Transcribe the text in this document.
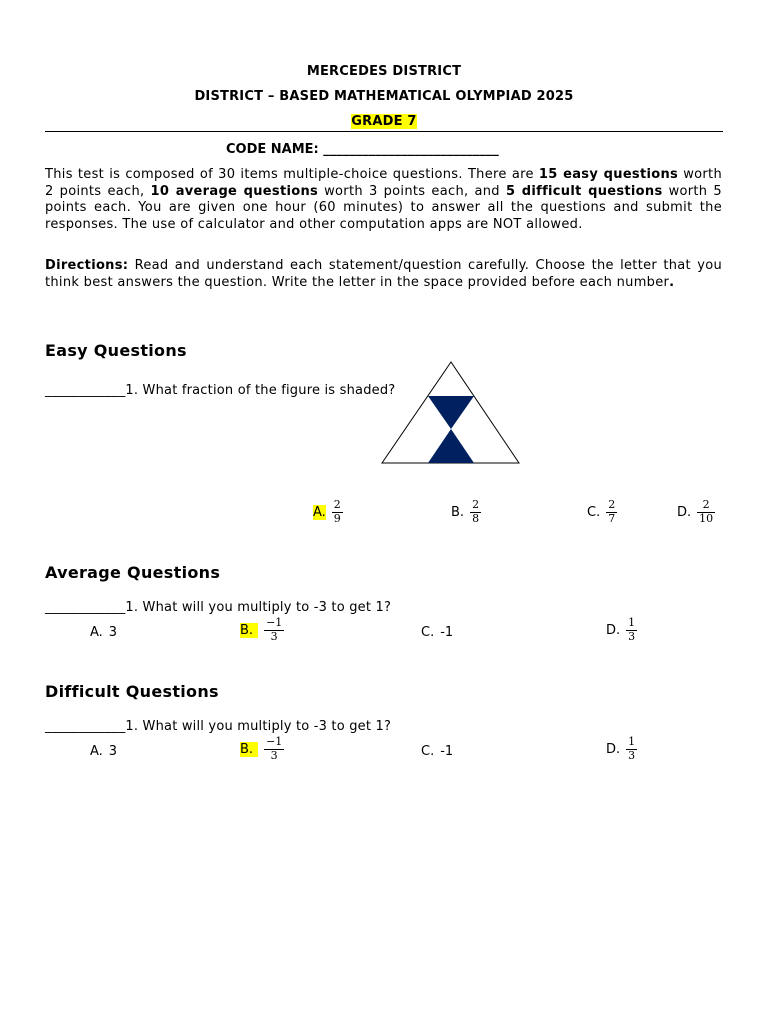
MERCEDES DISTRICT
DISTRICT – BASED MATHEMATICAL OLYMPIAD 2025
GRADE 7
CODE NAME: ___________________________
This test is composed of 30 items multiple-choice questions. There are 15 easy questions worth 2 points each, 10 average questions worth 3 points each, and 5 difficult questions worth 5 points each. You are given one hour (60 minutes) to answer all the questions and submit the responses. The use of calculator and other computation apps are NOT allowed.
Directions: Read and understand each statement/question carefully. Choose the letter that you think best answers the question. Write the letter in the space provided before each number.
Easy Questions
____________1. What fraction of the figure is shaded?
A. $\frac{2}{9}$	B. $\frac{2}{8}$	C. $\frac{2}{7}$	D. $\frac{2}{10}$
Average Questions
____________1. What will you multiply to -3 to get 1?
A. 3	B.	$\frac{-1}{3}$	C. -1	D. $\frac{1}{3}$
Difficult Questions
____________1. What will you multiply to -3 to get 1?
A. 3	B.	$\frac{-1}{3}$	C. -1	D. $\frac{1}{3}$
